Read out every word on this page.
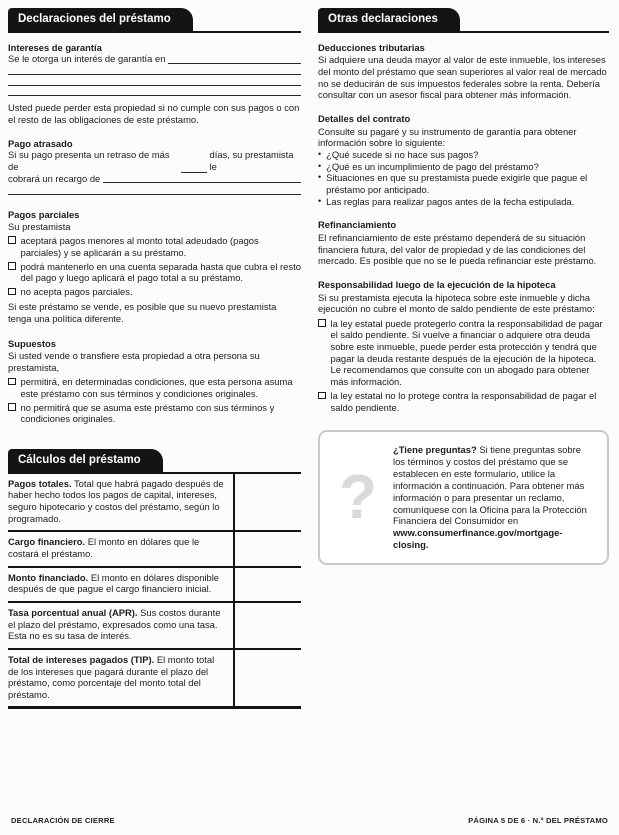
Declaraciones del préstamo
Intereses de garantía
Se le otorga un interés de garantía en
Usted puede perder esta propiedad si no cumple con sus pagos o con el resto de las obligaciones de este préstamo.
Pago atrasado
Si su pago presenta un retraso de más de
días, su prestamista le
cobrará un recargo de
Pagos parciales
Su prestamista
aceptará pagos menores al monto total adeudado (pagos parciales) y se aplicarán a su préstamo.
podrá mantenerlo en una cuenta separada hasta que cubra el resto del pago y luego aplicará el pago total a su préstamo.
no acepta pagos parciales.
Si este préstamo se vende, es posible que su nuevo prestamista tenga una política diferente.
Supuestos
Si usted vende o transfiere esta propiedad a otra persona su prestamista,
permitirá, en determinadas condiciones, que esta persona asuma este préstamo con sus términos y condiciones originales.
no permitirá que se asuma este préstamo con sus términos y condiciones originales.
Cálculos del préstamo
Pagos totales. Total que habrá pagado después de haber hecho todos los pagos de capital, intereses, seguro hipotecario y costos del préstamo, según lo programado.
Cargo financiero. El monto en dólares que le costará el préstamo.
Monto financiado. El monto en dólares disponible después de que pague el cargo financiero inicial.
Tasa porcentual anual (APR). Sus costos durante el plazo del préstamo, expresados como una tasa. Esta no es su tasa de interés.
Total de intereses pagados (TIP). El monto total de los intereses que pagará durante el plazo del préstamo, como porcentaje del monto total del préstamo.
Otras declaraciones
Deducciones tributarias
Si adquiere una deuda mayor al valor de este inmueble, los intereses del monto del préstamo que sean superiores al valor real de mercado no se deducirán de sus impuestos federales sobre la renta. Debería consultar con un asesor fiscal para obtener más información.
Detalles del contrato
Consulte su pagaré y su instrumento de garantía para obtener información sobre lo siguiente:
• ¿Qué sucede si no hace sus pagos?
• ¿Qué es un incumplimiento de pago del préstamo?
• Situaciones en que su prestamista puede exigirle que pague el préstamo por anticipado.
• Las reglas para realizar pagos antes de la fecha estipulada.
Refinanciamiento
El refinanciamiento de este préstamo dependerá de su situación financiera futura, del valor de propiedad y de las condiciones del mercado. Es posible que no se le pueda refinanciar este préstamo.
Responsabilidad luego de la ejecución de la hipoteca
Si su prestamista ejecuta la hipoteca sobre este inmueble y dicha ejecución no cubre el monto de saldo pendiente de este préstamo:
la ley estatal puede protegerlo contra la responsabilidad de pagar el saldo pendiente. Si vuelve a financiar o adquiere otra deuda sobre este inmueble, puede perder esta protección y tendrá que pagar la deuda restante después de la ejecución de la hipoteca. Le recomendamos que consulte con un abogado para obtener más información.
la ley estatal no lo protege contra la responsabilidad de pagar el saldo pendiente.
?
¿Tiene preguntas? Si tiene preguntas sobre los términos y costos del préstamo que se establecen en este formulario, utilice la información a continuación. Para obtener más información o para presentar un reclamo, comuníquese con la Oficina para la Protección Financiera del Consumidor en www.consumerfinance.gov/mortgage-closing.
DECLARACIÓN DE CIERRE	PÁGINA 5 DE 6 · N.º DEL PRÉSTAMO
